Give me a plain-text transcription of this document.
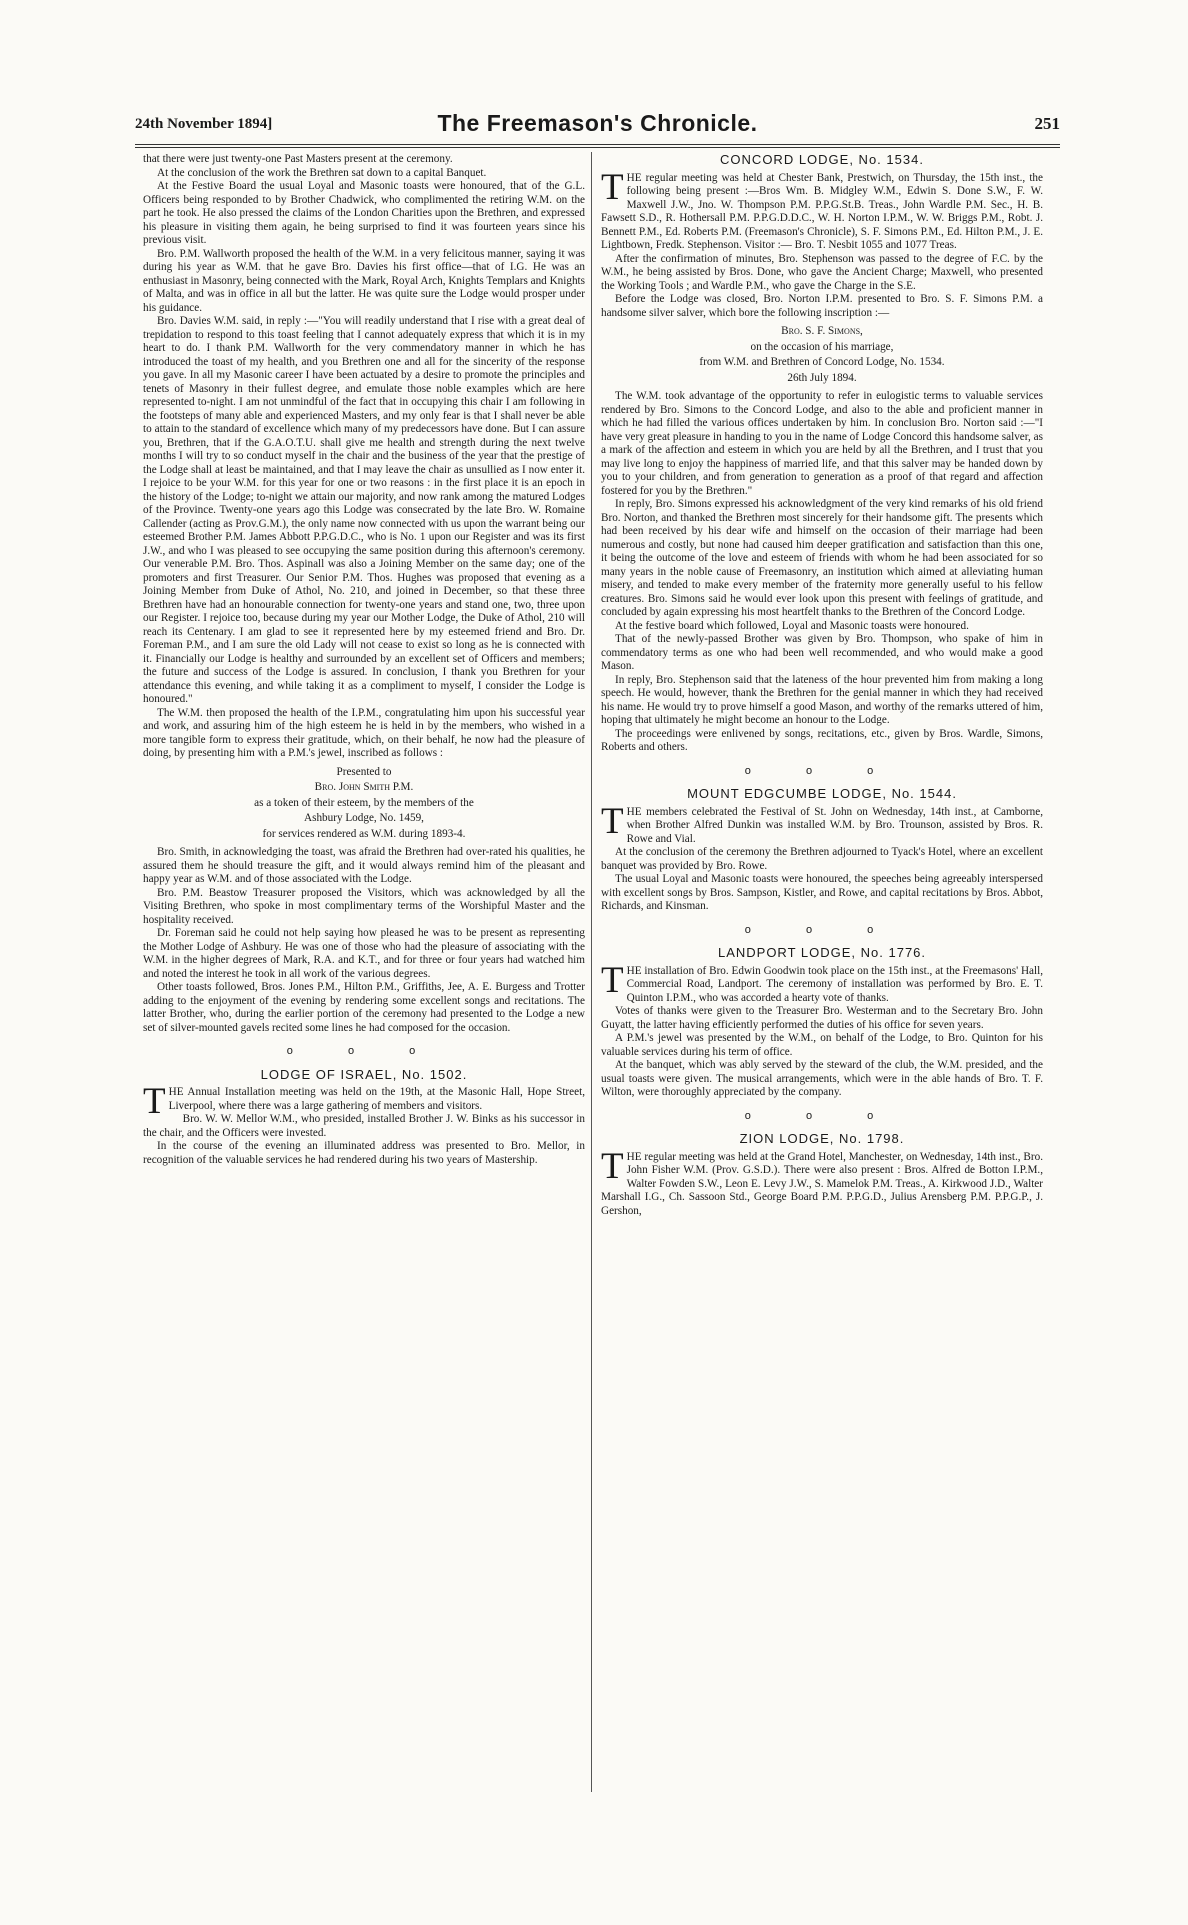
24th November 1894]	The Freemason's Chronicle.	251

that there were just twenty-one Past Masters present at the ceremony.

At the conclusion of the work the Brethren sat down to a capital Banquet.

At the Festive Board the usual Loyal and Masonic toasts were honoured, that of the G.L. Officers being responded to by Brother Chadwick, who complimented the retiring W.M. on the part he took. He also pressed the claims of the London Charities upon the Brethren, and expressed his pleasure in visiting them again, he being surprised to find it was fourteen years since his previous visit.

Bro. P.M. Wallworth proposed the health of the W.M. in a very felicitous manner, saying it was during his year as W.M. that he gave Bro. Davies his first office—that of I.G. He was an enthusiast in Masonry, being connected with the Mark, Royal Arch, Knights Templars and Knights of Malta, and was in office in all but the latter. He was quite sure the Lodge would prosper under his guidance.

Bro. Davies W.M. said, in reply :—"You will readily understand that I rise with a great deal of trepidation to respond to this toast feeling that I cannot adequately express that which it is in my heart to do. I thank P.M. Wallworth for the very commendatory manner in which he has introduced the toast of my health, and you Brethren one and all for the sincerity of the response you gave. In all my Masonic career I have been actuated by a desire to promote the principles and tenets of Masonry in their fullest degree, and emulate those noble examples which are here represented to-night. I am not unmindful of the fact that in occupying this chair I am following in the footsteps of many able and experienced Masters, and my only fear is that I shall never be able to attain to the standard of excellence which many of my predecessors have done. But I can assure you, Brethren, that if the G.A.O.T.U. shall give me health and strength during the next twelve months I will try to so conduct myself in the chair and the business of the year that the prestige of the Lodge shall at least be maintained, and that I may leave the chair as unsullied as I now enter it. I rejoice to be your W.M. for this year for one or two reasons : in the first place it is an epoch in the history of the Lodge; to-night we attain our majority, and now rank among the matured Lodges of the Province. Twenty-one years ago this Lodge was consecrated by the late Bro. W. Romaine Callender (acting as Prov.G.M.), the only name now connected with us upon the warrant being our esteemed Brother P.M. James Abbott P.P.G.D.C., who is No. 1 upon our Register and was its first J.W., and who I was pleased to see occupying the same position during this afternoon's ceremony. Our venerable P.M. Bro. Thos. Aspinall was also a Joining Member on the same day; one of the promoters and first Treasurer. Our Senior P.M. Thos. Hughes was proposed that evening as a Joining Member from Duke of Athol, No. 210, and joined in December, so that these three Brethren have had an honourable connection for twenty-one years and stand one, two, three upon our Register. I rejoice too, because during my year our Mother Lodge, the Duke of Athol, 210 will reach its Centenary. I am glad to see it represented here by my esteemed friend and Bro. Dr. Foreman P.M., and I am sure the old Lady will not cease to exist so long as he is connected with it. Financially our Lodge is healthy and surrounded by an excellent set of Officers and members; the future and success of the Lodge is assured. In conclusion, I thank you Brethren for your attendance this evening, and while taking it as a compliment to myself, I consider the Lodge is honoured."

The W.M. then proposed the health of the I.P.M., congratulating him upon his successful year and work, and assuring him of the high esteem he is held in by the members, who wished in a more tangible form to express their gratitude, which, on their behalf, he now had the pleasure of doing, by presenting him with a P.M.'s jewel, inscribed as follows :

Presented to
Bro. John Smith P.M.
as a token of their esteem, by the members of the
Ashbury Lodge, No. 1459,
for services rendered as W.M. during 1893-4.

Bro. Smith, in acknowledging the toast, was afraid the Brethren had over-rated his qualities, he assured them he should treasure the gift, and it would always remind him of the pleasant and happy year as W.M. and of those associated with the Lodge.

Bro. P.M. Beastow Treasurer proposed the Visitors, which was acknowledged by all the Visiting Brethren, who spoke in most complimentary terms of the Worshipful Master and the hospitality received.

Dr. Foreman said he could not help saying how pleased he was to be present as representing the Mother Lodge of Ashbury. He was one of those who had the pleasure of associating with the W.M. in the higher degrees of Mark, R.A. and K.T., and for three or four years had watched him and noted the interest he took in all work of the various degrees.

Other toasts followed, Bros. Jones P.M., Hilton P.M., Griffiths, Jee, A. E. Burgess and Trotter adding to the enjoyment of the evening by rendering some excellent songs and recitations. The latter Brother, who, during the earlier portion of the ceremony had presented to the Lodge a new set of silver-mounted gavels recited some lines he had composed for the occasion.

o o o
LODGE OF ISRAEL, No. 1502.

THE Annual Installation meeting was held on the 19th, at the Masonic Hall, Hope Street, Liverpool, where there was a large gathering of members and visitors.

Bro. W. W. Mellor W.M., who presided, installed Brother J. W. Binks as his successor in the chair, and the Officers were invested.

In the course of the evening an illuminated address was presented to Bro. Mellor, in recognition of the valuable services he had rendered during his two years of Mastership.

CONCORD LODGE, No. 1534.

THE regular meeting was held at Chester Bank, Prestwich, on Thursday, the 15th inst., the following being present :—Bros Wm. B. Midgley W.M., Edwin S. Done S.W., F. W. Maxwell J.W., Jno. W. Thompson P.M. P.P.G.St.B. Treas., John Wardle P.M. Sec., H. B. Fawsett S.D., R. Hothersall P.M. P.P.G.D.D.C., W. H. Norton I.P.M., W. W. Briggs P.M., Robt. J. Bennett P.M., Ed. Roberts P.M. (Freemason's Chronicle), S. F. Simons P.M., Ed. Hilton P.M., J. E. Lightbown, Fredk. Stephenson. Visitor :— Bro. T. Nesbit 1055 and 1077 Treas.

After the confirmation of minutes, Bro. Stephenson was passed to the degree of F.C. by the W.M., he being assisted by Bros. Done, who gave the Ancient Charge; Maxwell, who presented the Working Tools ; and Wardle P.M., who gave the Charge in the S.E.

Before the Lodge was closed, Bro. Norton I.P.M. presented to Bro. S. F. Simons P.M. a handsome silver salver, which bore the following inscription :—

Bro. S. F. Simons,
on the occasion of his marriage,
from W.M. and Brethren of Concord Lodge, No. 1534.
26th July 1894.

The W.M. took advantage of the opportunity to refer in eulogistic terms to valuable services rendered by Bro. Simons to the Concord Lodge, and also to the able and proficient manner in which he had filled the various offices undertaken by him. In conclusion Bro. Norton said :—"I have very great pleasure in handing to you in the name of Lodge Concord this handsome salver, as a mark of the affection and esteem in which you are held by all the Brethren, and I trust that you may live long to enjoy the happiness of married life, and that this salver may be handed down by you to your children, and from generation to generation as a proof of that regard and affection fostered for you by the Brethren."

In reply, Bro. Simons expressed his acknowledgment of the very kind remarks of his old friend Bro. Norton, and thanked the Brethren most sincerely for their handsome gift. The presents which had been received by his dear wife and himself on the occasion of their marriage had been numerous and costly, but none had caused him deeper gratification and satisfaction than this one, it being the outcome of the love and esteem of friends with whom he had been associated for so many years in the noble cause of Freemasonry, an institution which aimed at alleviating human misery, and tended to make every member of the fraternity more generally useful to his fellow creatures. Bro. Simons said he would ever look upon this present with feelings of gratitude, and concluded by again expressing his most heartfelt thanks to the Brethren of the Concord Lodge.

At the festive board which followed, Loyal and Masonic toasts were honoured.

That of the newly-passed Brother was given by Bro. Thompson, who spake of him in commendatory terms as one who had been well recommended, and who would make a good Mason.

In reply, Bro. Stephenson said that the lateness of the hour prevented him from making a long speech. He would, however, thank the Brethren for the genial manner in which they had received his name. He would try to prove himself a good Mason, and worthy of the remarks uttered of him, hoping that ultimately he might become an honour to the Lodge.

The proceedings were enlivened by songs, recitations, etc., given by Bros. Wardle, Simons, Roberts and others.

o o o
MOUNT EDGCUMBE LODGE, No. 1544.

THE members celebrated the Festival of St. John on Wednesday, 14th inst., at Camborne, when Brother Alfred Dunkin was installed W.M. by Bro. Trounson, assisted by Bros. R. Rowe and Vial.

At the conclusion of the ceremony the Brethren adjourned to Tyack's Hotel, where an excellent banquet was provided by Bro. Rowe.

The usual Loyal and Masonic toasts were honoured, the speeches being agreeably interspersed with excellent songs by Bros. Sampson, Kistler, and Rowe, and capital recitations by Bros. Abbot, Richards, and Kinsman.

o o o
LANDPORT LODGE, No. 1776.

THE installation of Bro. Edwin Goodwin took place on the 15th inst., at the Freemasons' Hall, Commercial Road, Landport. The ceremony of installation was performed by Bro. E. T. Quinton I.P.M., who was accorded a hearty vote of thanks.

Votes of thanks were given to the Treasurer Bro. Westerman and to the Secretary Bro. John Guyatt, the latter having efficiently performed the duties of his office for seven years.

A P.M.'s jewel was presented by the W.M., on behalf of the Lodge, to Bro. Quinton for his valuable services during his term of office.

At the banquet, which was ably served by the steward of the club, the W.M. presided, and the usual toasts were given. The musical arrangements, which were in the able hands of Bro. T. F. Wilton, were thoroughly appreciated by the company.

o o o
ZION LODGE, No. 1798.

THE regular meeting was held at the Grand Hotel, Manchester, on Wednesday, 14th inst., Bro. John Fisher W.M. (Prov. G.S.D.). There were also present : Bros. Alfred de Botton I.P.M., Walter Fowden S.W., Leon E. Levy J.W., S. Mamelok P.M. Treas., A. Kirkwood J.D., Walter Marshall I.G., Ch. Sassoon Std., George Board P.M. P.P.G.D., Julius Arensberg P.M. P.P.G.P., J. Gershon,
